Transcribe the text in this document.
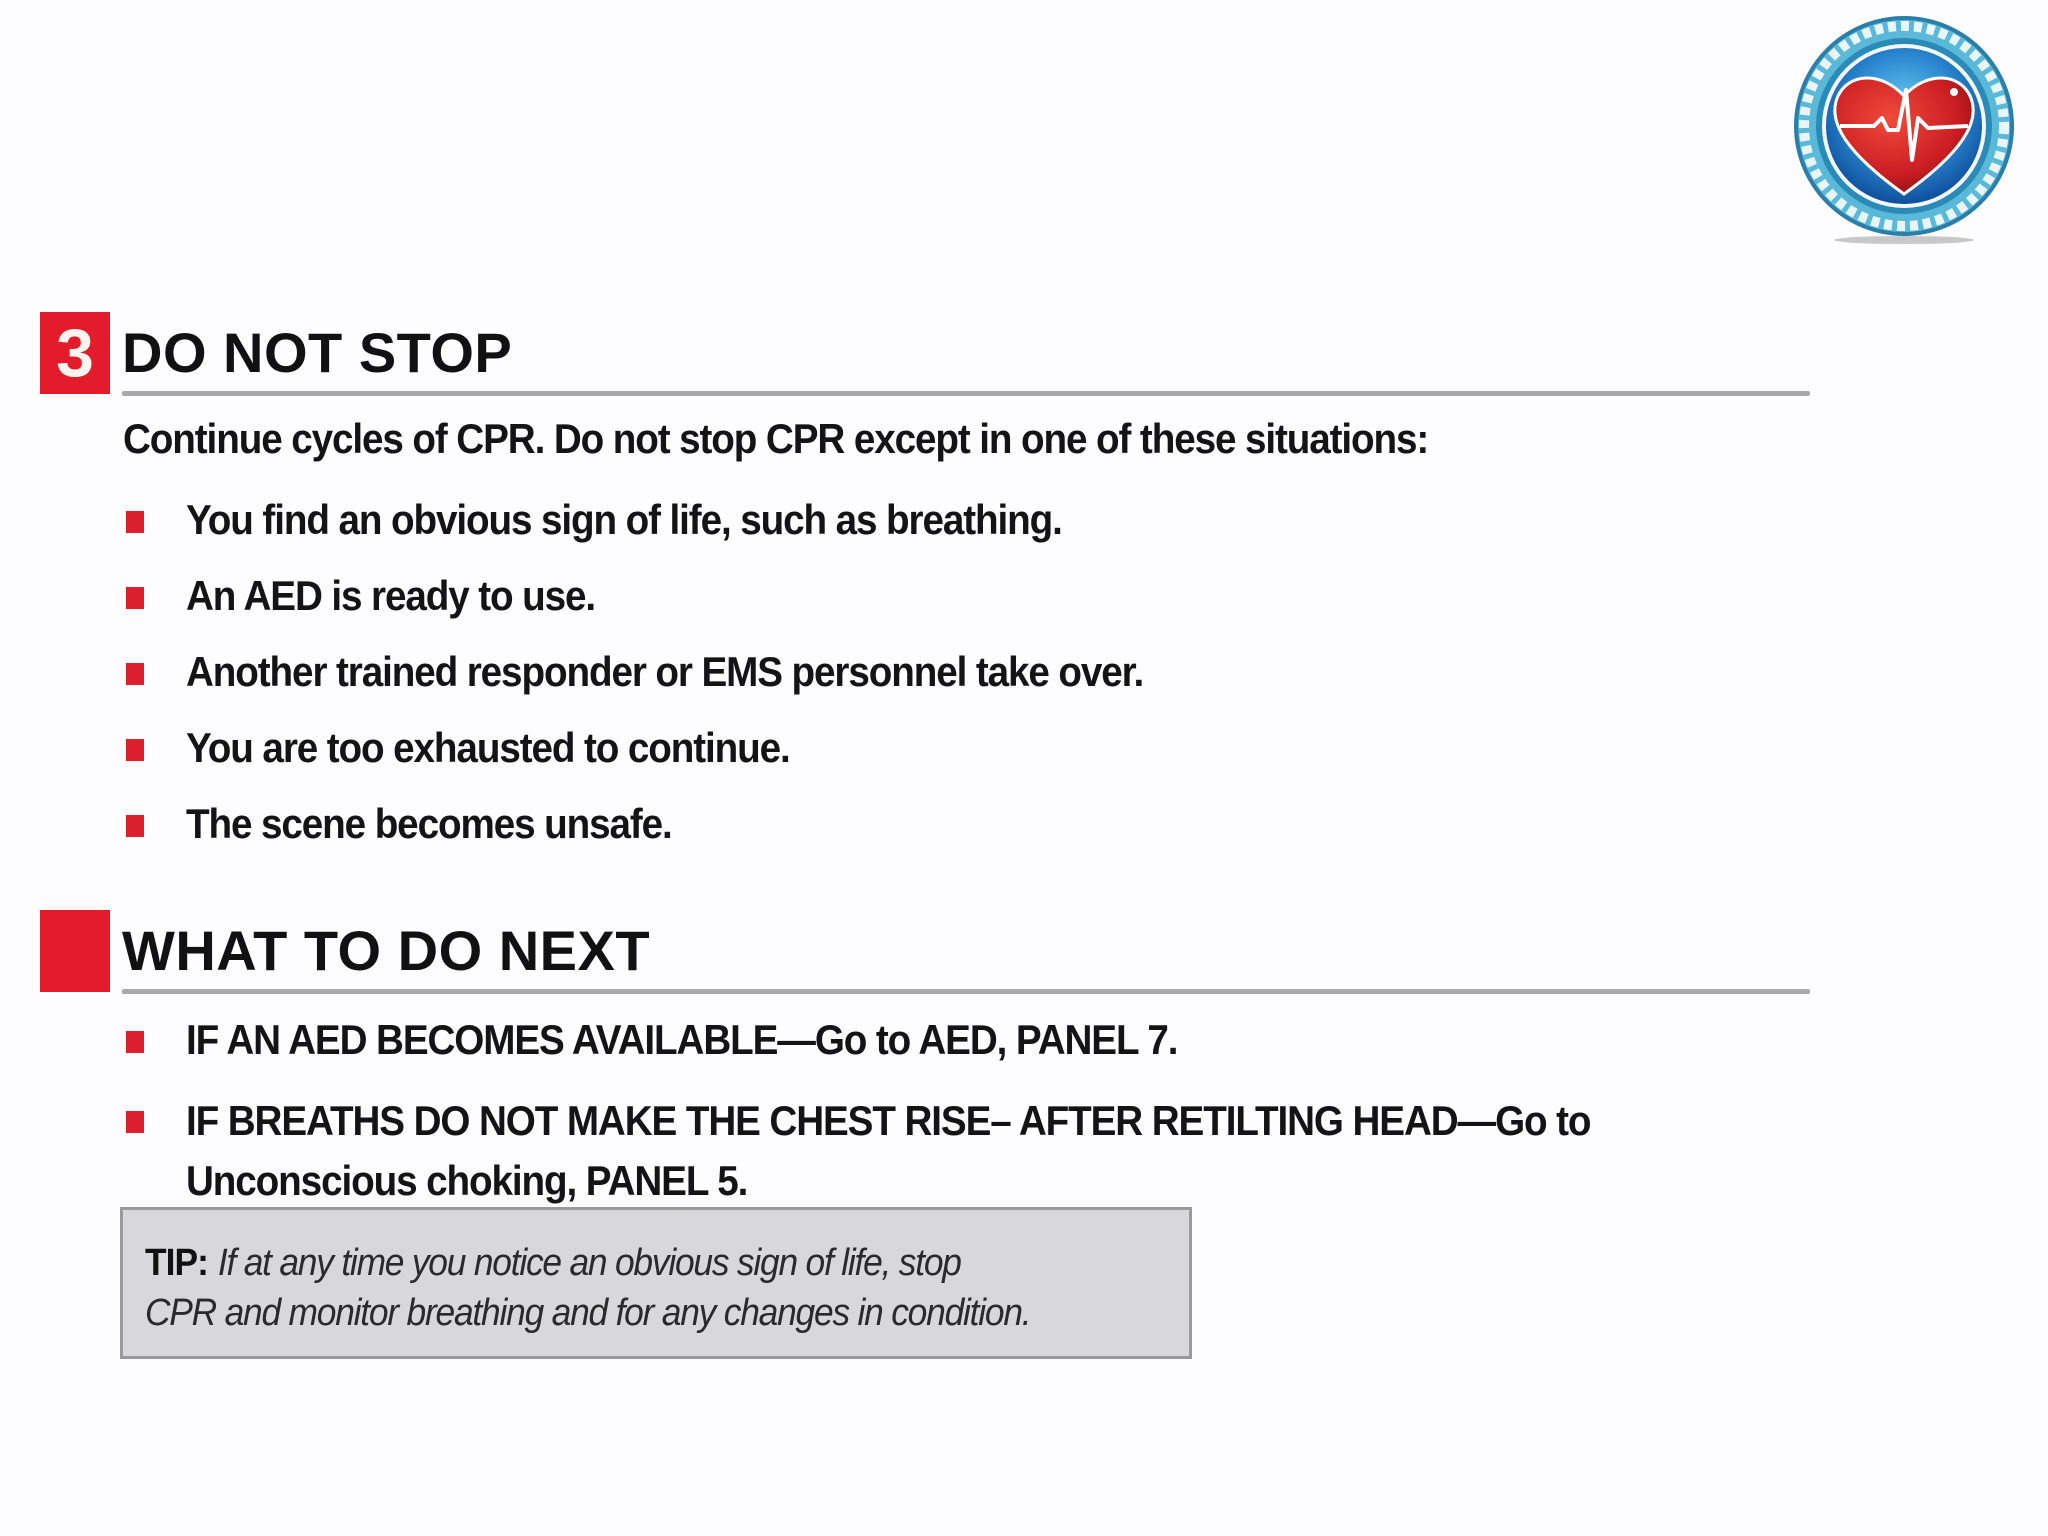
3 DO NOT STOP
Continue cycles of CPR. Do not stop CPR except in one of these situations:
You find an obvious sign of life, such as breathing.
An AED is ready to use.
Another trained responder or EMS personnel take over.
You are too exhausted to continue.
The scene becomes unsafe.
WHAT TO DO NEXT
IF AN AED BECOMES AVAILABLE—Go to AED, PANEL 7.
IF BREATHS DO NOT MAKE THE CHEST RISE– AFTER RETILTING HEAD—Go to
Unconscious choking, PANEL 5.
TIP: If at any time you notice an obvious sign of life, stop
CPR and monitor breathing and for any changes in condition.
